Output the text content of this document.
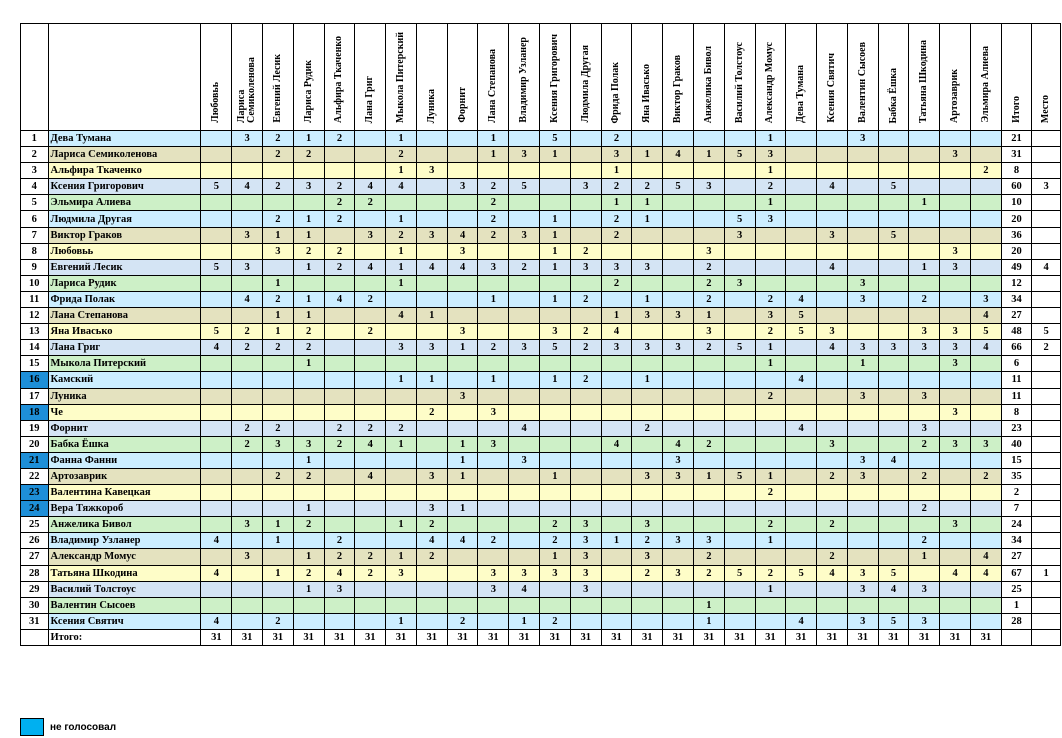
		Любовьь	Лариса Семиколенова	Евгений Лесик	Лариса Рудик	Альфира Ткаченко	Лана Григ	Мыкола Питерский	Луника	Форнит	Лана Степанова	Владимир Узланер	Ксения Григорович	Людмила Другая	Фрида Полак	Яна Ивасько	Виктор Граков	Анжелика Бивол	Василий Толстоус	Александр Момус	Дева Тумана	Ксения Святич	Валентин Сысоев	Бабка Ёшка	Татьяна Шкодина	Артозаврик	Эльмира Алиева	Итого	Место
1	Дева Тумана		3	2	1	2		1			1		5		2					1			3					21	
2	Лариса Семиколенова			2	2			2			1	3	1		3	1	4	1	5	3						3		31	
3	Альфира Ткаченко							1	3						1					1							2	8	
4	Ксения Григорович	5	4	2	3	2	4	4		3	2	5		3	2	2	5	3		2		4		5				60	3
5	Эльмира Алиева					2	2				2				1	1				1					1			10	
6	Людмила Другая			2	1	2		1			2		1		2	1			5	3								20	
7	Виктор Граков		3	1	1		3	2	3	4	2	3	1		2				3			3		5				36	
8	Любовьь			3	2	2		1		3			1	2				3								3		20	
9	Евгений Лесик	5	3		1	2	4	1	4	4	3	2	1	3	3	3		2				4			1	3		49	4
10	Лариса Рудик			1				1							2			2	3				3					12	
11	Фрида Полак		4	2	1	4	2				1		1	2		1		2		2	4		3		2		3	34	
12	Лана Степанова			1	1			4	1						1	3	3	1		3	5						4	27	
13	Яна Ивасько	5	2	1	2		2			3			3	2	4			3		2	5	3			3	3	5	48	5
14	Лана Григ	4	2	2	2			3	3	1	2	3	5	2	3	3	3	2	5	1		4	3	3	3	3	4	66	2
15	Мыкола Питерский				1															1			1			3		6	
16	Камский							1	1		1		1	2		1					4							11	
17	Луника									3										2			3		3			11	
18	Че								2		3															3		8	
19	Форнит		2	2		2	2	2				4				2					4				3			23	
20	Бабка Ёшка		2	3	3	2	4	1		1	3				4		4	2				3			2	3	3	40	
21	Фанна Фанни				1					1		3					3						3	4				15	
22	Артозаврик			2	2		4		3	1			1			3	3	1	5	1		2	3		2		2	35	
23	Валентина Кавецкая																			2								2	
24	Вера Тяжкороб				1				3	1															2			7	
25	Анжелика Бивол		3	1	2			1	2				2	3		3				2		2				3		24	
26	Владимир Узланер	4		1		2			4	4	2		2	3	1	2	3	3		1					2			34	
27	Александр Момус		3		1	2	2	1	2				1	3		3		2				2			1		4	27	
28	Татьяна Шкодина	4		1	2	4	2	3			3	3	3	3		2	3	2	5	2	5	4	3	5		4	4	67	1
29	Василий Толстоус				1	3					3	4		3						1			3	4	3			25	
30	Валентин Сысоев																	1										1	
31	Ксения Святич	4		2				1		2		1	2					1			4		3	5	3			28	
	Итого:	31	31	31	31	31	31	31	31	31	31	31	31	31	31	31	31	31	31	31	31	31	31	31	31	31	31		
не голосовал
